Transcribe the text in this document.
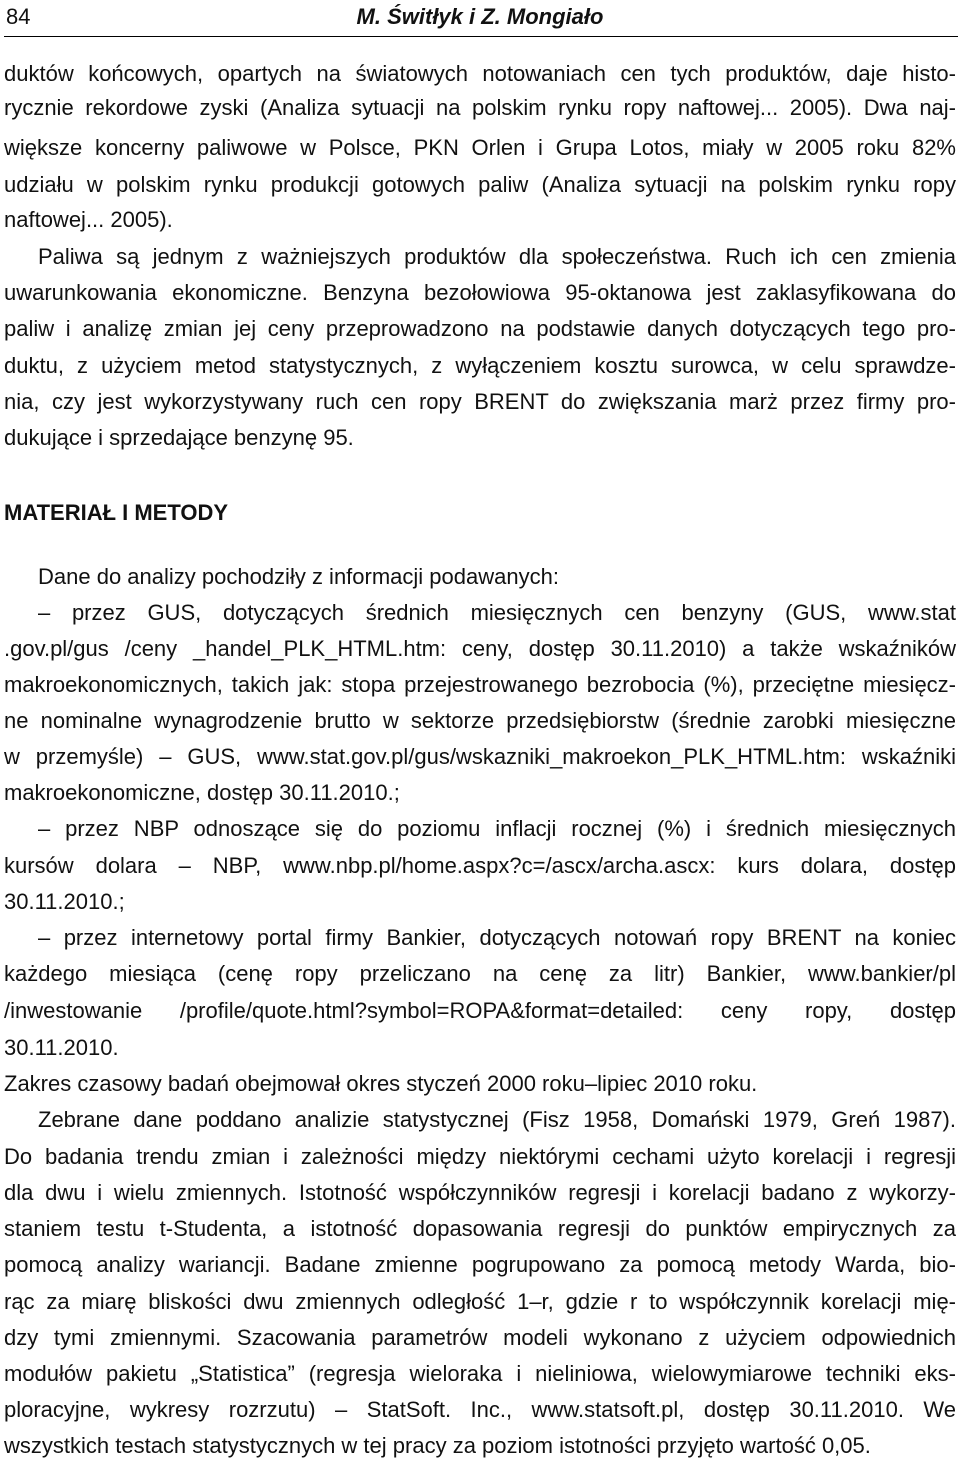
84	M. Świtłyk i Z. Mongiało
duktów końcowych, opartych na światowych notowaniach cen tych produktów, daje histo-
rycznie rekordowe zyski (Analiza sytuacji na polskim rynku ropy naftowej... 2005). Dwa naj-
większe koncerny paliwowe w Polsce, PKN Orlen i Grupa Lotos, miały w 2005 roku 82%
udziału w polskim rynku produkcji gotowych paliw (Analiza sytuacji na polskim rynku ropy
naftowej... 2005).
Paliwa są jednym z ważniejszych produktów dla społeczeństwa. Ruch ich cen zmienia
uwarunkowania ekonomiczne. Benzyna bezołowiowa 95-oktanowa jest zaklasyfikowana do
paliw i analizę zmian jej ceny przeprowadzono na podstawie danych dotyczących tego pro-
duktu, z użyciem metod statystycznych, z wyłączeniem kosztu surowca, w celu sprawdze-
nia, czy jest wykorzystywany ruch cen ropy BRENT do zwiększania marż przez firmy pro-
dukujące i sprzedające benzynę 95.
MATERIAŁ I METODY
Dane do analizy pochodziły z informacji podawanych:
– przez GUS, dotyczących średnich miesięcznych cen benzyny (GUS, www.stat
.gov.pl/gus /ceny _handel_PLK_HTML.htm: ceny, dostęp 30.11.2010) a także wskaźników
makroekonomicznych, takich jak: stopa przejestrowanego bezrobocia (%), przeciętne miesięcz-
ne nominalne wynagrodzenie brutto w sektorze przedsiębiorstw (średnie zarobki miesięczne
w przemyśle) – GUS, www.stat.gov.pl/gus/wskazniki_makroekon_PLK_HTML.htm: wskaźniki
makroekonomiczne, dostęp 30.11.2010.;
– przez NBP odnoszące się do poziomu inflacji rocznej (%) i średnich miesięcznych
kursów dolara – NBP, www.nbp.pl/home.aspx?c=/ascx/archa.ascx: kurs dolara, dostęp
30.11.2010.;
– przez internetowy portal firmy Bankier, dotyczących notowań ropy BRENT na koniec
każdego miesiąca (cenę ropy przeliczano na cenę za litr) Bankier, www.bankier/pl
/inwestowanie /profile/quote.html?symbol=ROPA&format=detailed: ceny ropy, dostęp
30.11.2010.
Zakres czasowy badań obejmował okres styczeń 2000 roku–lipiec 2010 roku.
Zebrane dane poddano analizie statystycznej (Fisz 1958, Domański 1979, Greń 1987).
Do badania trendu zmian i zależności między niektórymi cechami użyto korelacji i regresji
dla dwu i wielu zmiennych. Istotność współczynników regresji i korelacji badano z wykorzy-
staniem testu t-Studenta, a istotność dopasowania regresji do punktów empirycznych za
pomocą analizy wariancji. Badane zmienne pogrupowano za pomocą metody Warda, bio-
rąc za miarę bliskości dwu zmiennych odległość 1–r, gdzie r to współczynnik korelacji mię-
dzy tymi zmiennymi. Szacowania parametrów modeli wykonano z użyciem odpowiednich
modułów pakietu „Statistica” (regresja wieloraka i nieliniowa, wielowymiarowe techniki eks-
ploracyjne, wykresy rozrzutu) – StatSoft. Inc., www.statsoft.pl, dostęp 30.11.2010. We
wszystkich testach statystycznych w tej pracy za poziom istotności przyjęto wartość 0,05.
